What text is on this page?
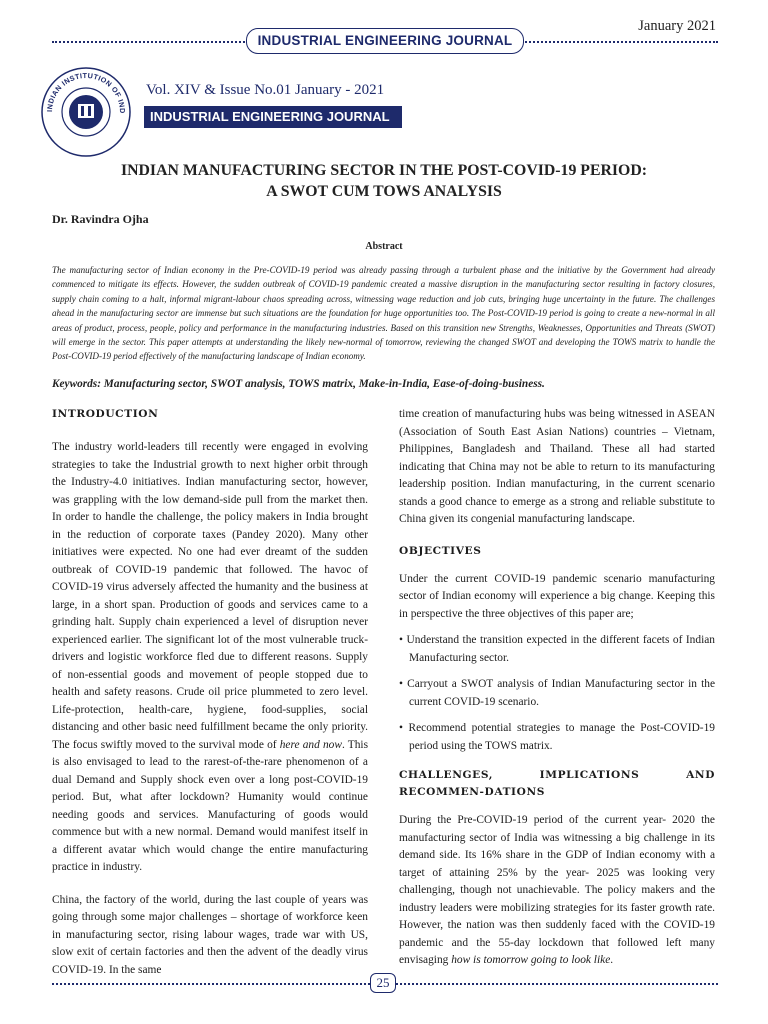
January 2021
INDUSTRIAL ENGINEERING JOURNAL
INDIAN INSTITUTION OF IND
Vol. XIV & Issue No.01 January - 2021
INDUSTRIAL ENGINEERING JOURNAL
INDIAN MANUFACTURING SECTOR IN THE POST-COVID-19 PERIOD:
A SWOT CUM TOWS ANALYSIS
Dr. Ravindra Ojha
Abstract
The manufacturing sector of Indian economy in the Pre-COVID-19 period was already passing through a turbulent phase and the initiative by the Government had already commenced to mitigate its effects. However, the sudden outbreak of COVID-19 pandemic created a massive disruption in the manufacturing sector resulting in factory closures, supply chain coming to a halt, informal migrant-labour chaos spreading across, witnessing wage reduction and job cuts, bringing huge uncertainty in the future. The challenges ahead in the manufacturing sector are immense but such situations are the foundation for huge opportunities too. The Post-COVID-19 period is going to create a new-normal in all areas of product, process, people, policy and performance in the manufacturing industries. Based on this transition new Strengths, Weaknesses, Opportunities and Threats (SWOT) will emerge in the sector. This paper attempts at understanding the likely new-normal of tomorrow, reviewing the changed SWOT and developing the TOWS matrix to handle the Post-COVID-19 period effectively of the manufacturing landscape of Indian economy.
Keywords: Manufacturing sector, SWOT analysis, TOWS matrix, Make-in-India, Ease-of-doing-business.
INTRODUCTION

The industry world-leaders till recently were engaged in evolving strategies to take the Industrial growth to next higher orbit through the Industry-4.0 initiatives. Indian manufacturing sector, however, was grappling with the low demand-side pull from the market then. In order to handle the challenge, the policy makers in India brought in the reduction of corporate taxes (Pandey 2020). Many other initiatives were expected. No one had ever dreamt of the sudden outbreak of COVID-19 pandemic that followed. The havoc of COVID-19 virus adversely affected the humanity and the business at large, in a short span. Production of goods and services came to a grinding halt. Supply chain experienced a level of disruption never experienced earlier. The significant lot of the most vulnerable truck-drivers and logistic workforce fled due to different reasons. Supply of non-essential goods and movement of people stopped due to health and safety reasons. Crude oil price plummeted to zero level. Life-protection, health-care, hygiene, food-supplies, social distancing and other basic need fulfillment became the only priority. The focus swiftly moved to the survival mode of here and now. This is also envisaged to lead to the rarest-of-the-rare phenomenon of a dual Demand and Supply shock even over a long post-COVID-19 period. But, what after lockdown? Humanity would continue needing goods and services. Manufacturing of goods would commence but with a new normal. Demand would manifest itself in a different avatar which would change the entire manufacturing practice in industry.

China, the factory of the world, during the last couple of years was going through some major challenges – shortage of workforce keen in manufacturing sector, rising labour wages, trade war with US, slow exit of certain factories and then the advent of the deadly virus COVID-19. In the same

time creation of manufacturing hubs was being witnessed in ASEAN (Association of South East Asian Nations) countries – Vietnam, Philippines, Bangladesh and Thailand. These all had started indicating that China may not be able to return to its manufacturing leadership position. Indian manufacturing, in the current scenario stands a good chance to emerge as a strong and reliable substitute to China given its congenial manufacturing landscape.

OBJECTIVES

Under the current COVID-19 pandemic scenario manufacturing sector of Indian economy will experience a big change. Keeping this in perspective the three objectives of this paper are;

• Understand the transition expected in the different facets of Indian Manufacturing sector.

• Carryout a SWOT analysis of Indian Manufacturing sector in the current COVID-19 scenario.

• Recommend potential strategies to manage the Post-COVID-19 period using the TOWS matrix.

CHALLENGES, IMPLICATIONS AND RECOMMEN-DATIONS

During the Pre-COVID-19 period of the current year- 2020 the manufacturing sector of India was witnessing a big challenge in its demand side. Its 16% share in the GDP of Indian economy with a target of attaining 25% by the year- 2025 was looking very challenging, though not unachievable. The policy makers and the industry leaders were mobilizing strategies for its faster growth rate. However, the nation was then suddenly faced with the COVID-19 pandemic and the 55-day lockdown that followed left many envisaging how is tomorrow going to look like.

25
